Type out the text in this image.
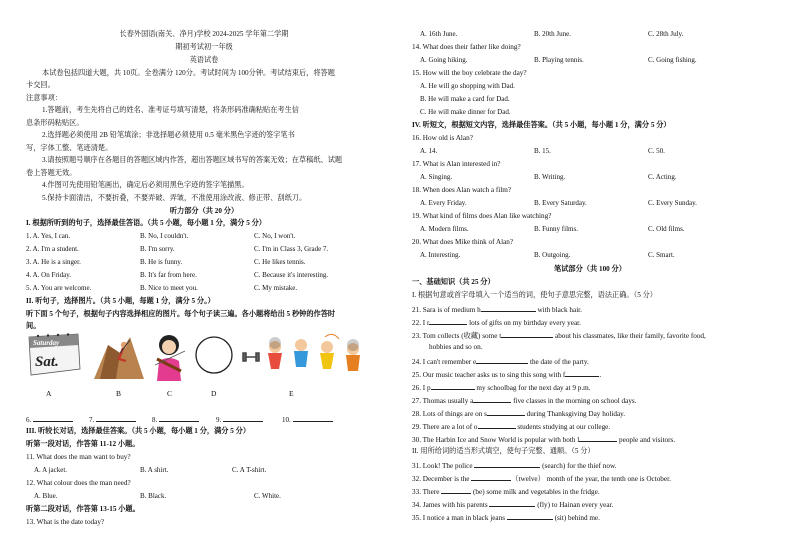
长春外国语(南关、净月)学校 2024-2025 学年第二学期
期初考试初一年级
英语试卷
本试卷包括四道大题，共 10页。全卷满分 120分。考试时间为 100分钟。考试结束后，将答题
卡交回。
注意事项：
1.答题前，考生先将自己的姓名、准考证号填写清楚，将条形码准确粘贴在考生信
息条形码粘贴区。
2.选择题必须使用 2B 铅笔填涂；非选择题必须使用 0.5 毫米黑色字迹的签字笔书
写，字体工整、笔迹清楚。
3.请按照题号顺序在各题目的答题区域内作答，超出答题区域书写的答案无效；在草稿纸、试题
卷上答题无效。
4.作图可先使用铅笔画出，确定后必须用黑色字迹的签字笔描黑。
5.保持卡面清洁，不要折叠，不要弄破、弄皱，不准使用涂改液、修正带、刮纸刀。
听力部分（共 20 分）
I. 根据所听到的句子，选择最佳答语。（共 5 小题，每小题 1 分，满分 5 分）
1. A. Yes, I can.	B. No, I couldn't.	C. No, I won't.
2. A. I'm a student.	B. I'm sorry.	C. I'm in Class 3, Grade 7.
3. A. He is a singer.	B. He is funny.	C. He likes tennis.
4. A. On Friday.	B. It's far from here.	C. Because it's interesting.
5. A. You are welcome.	B. Nice to meet you.	C. My mistake.
II. 听句子，选择图片。（共 5 小题，每题 1 分，满分 5 分。）
听下面 5 个句子，根据句子内容选择相应的图片。每个句子读三遍。各小题将给出 5 秒钟的作答时
间。
Saturday
Sat.
A	B	C	D	E
6.	7.	8.	9.	10.
III. 听较长对话，选择最佳答案。（共 5 小题，每小题 1 分，满分 5 分）
听第一段对话，作答第 11-12 小题。
11. What does the man want to buy?
A. A jacket.	B. A shirt.	C. A T-shirt.
12. What colour does the man need?
A. Blue.	B. Black.	C. White.
听第二段对话，作答第 13-15 小题。
13. What is the date today?
A. 16th June.	B. 20th June.	C. 28th July.
14. What does their father like doing?
A. Going hiking.	B. Playing tennis.	C. Going fishing.
15. How will the boy celebrate the day?
A. He will go shopping with Dad.
B. He will make a card for Dad.
C. He will make dinner for Dad.
IV. 听短文，根据短文内容，选择最佳答案。（共 5 小题，每小题 1 分，满分 5 分）
16. How old is Alan?
A. 14.	B. 15.	C. 50.
17. What is Alan interested in?
A. Singing.	B. Writing.	C. Acting.
18. When does Alan watch a film?
A. Every Friday.	B. Every Saturday.	C. Every Sunday.
19. What kind of films does Alan like watching?
A. Modern films.	B. Funny films.	C. Old films.
20. What does Mike think of Alan?
A. Interesting.	B. Outgoing.	C. Smart.
笔试部分（共 100 分）
一、基础知识（共 25 分）
I. 根据句意或首字母填入一个适当的词，使句子意思完整，语法正确。（5 分）
21. Sara is of medium h	with black hair.
22. I r	lots of gifts on my birthday every year.
23. Tom collects (收藏) some t	about his classmates, like their family, favorite food,
hobbies and so on.
24. I can't remember e	the date of the party.
25. Our music teacher asks us to sing this song with f	.
26. I p	my schoolbag for the next day at 9 p.m.
27. Thomas usually a	five classes in the morning on school days.
28. Lots of things are on s	during Thanksgiving Day holiday.
29. There are a lot of o	students studying at our college.
30. The Harbin Ice and Snow World is popular with both l	people and visitors.
II. 用所给词的适当形式填空，使句子完整、通顺。（5 分）
31. Look! The police	(search) for the thief now.
32. December is the	（twelve） month of the year, the tenth one is October.
33. There	(be) some milk and vegetables in the fridge.
34. James with his parents	(fly) to Hainan every year.
35. I notice a man in black jeans	(sit) behind me.
